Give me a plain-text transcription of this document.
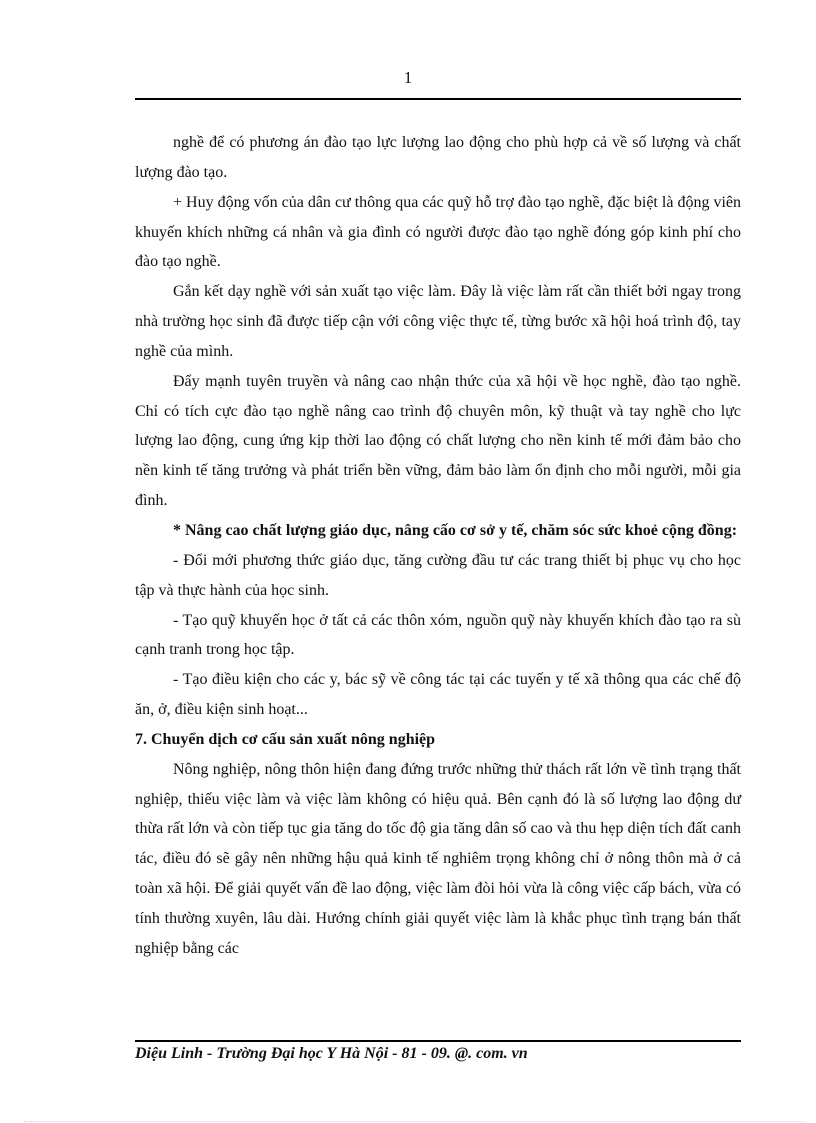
1

nghề để có phương án đào tạo lực lượng lao động cho phù hợp cả về số lượng và chất lượng đào tạo.

+ Huy động vốn của dân cư thông qua các quỹ hỗ trợ đào tạo nghề, đặc biệt là động viên khuyến khích những cá nhân và gia đình có người được đào tạo nghề đóng góp kinh phí cho đào tạo nghề.

Gắn kết dạy nghề với sản xuất tạo việc làm. Đây là việc làm rất cần thiết bởi ngay trong nhà trường học sinh đã được tiếp cận với công việc thực tế, từng bước xã hội hoá trình độ, tay nghề của mình.

Đẩy mạnh tuyên truyền và nâng cao nhận thức của xã hội về học nghề, đào tạo nghề. Chỉ có tích cực đào tạo nghề nâng cao trình độ chuyên môn, kỹ thuật và tay nghề cho lực lượng lao động, cung ứng kịp thời lao động có chất lượng cho nền kinh tế mới đảm bảo cho nền kinh tế tăng trưởng và phát triển bền vững, đảm bảo làm ổn định cho mỗi người, mỗi gia đình.

* Nâng cao chất lượng giáo dục, nâng cấo cơ sở y tế, chăm sóc sức khoẻ cộng đồng:

- Đổi mới phương thức giáo dục, tăng cường đầu tư các trang thiết bị phục vụ cho học tập và thực hành của học sinh.

- Tạo quỹ khuyến học ở tất cả các thôn xóm, nguồn quỹ này khuyến khích đào tạo ra sù cạnh tranh trong học tập.

- Tạo điều kiện cho các y, bác sỹ về công tác tại các tuyến y tế xã thông qua các chế độ ăn, ở, điều kiện sinh hoạt...

7. Chuyển dịch cơ cấu sản xuất nông nghiệp

Nông nghiệp, nông thôn hiện đang đứng trước những thử thách rất lớn về tình trạng thất nghiệp, thiếu việc làm và việc làm không có hiệu quả. Bên cạnh đó là số lượng lao động dư thừa rất lớn và còn tiếp tục gia tăng do tốc độ gia tăng dân số cao và thu hẹp diện tích đất canh tác, điều đó sẽ gây nên những hậu quả kinh tế nghiêm trọng không chỉ ở nông thôn mà ở cả toàn xã hội. Để giải quyết vấn đề lao động, việc làm đòi hỏi vừa là công việc cấp bách, vừa có tính thường xuyên, lâu dài. Hướng chính giải quyết việc làm là khắc phục tình trạng bán thất nghiệp bằng các

Diệu Linh - Trường Đại học Y Hà Nội - 81 - 09. @. com. vn
